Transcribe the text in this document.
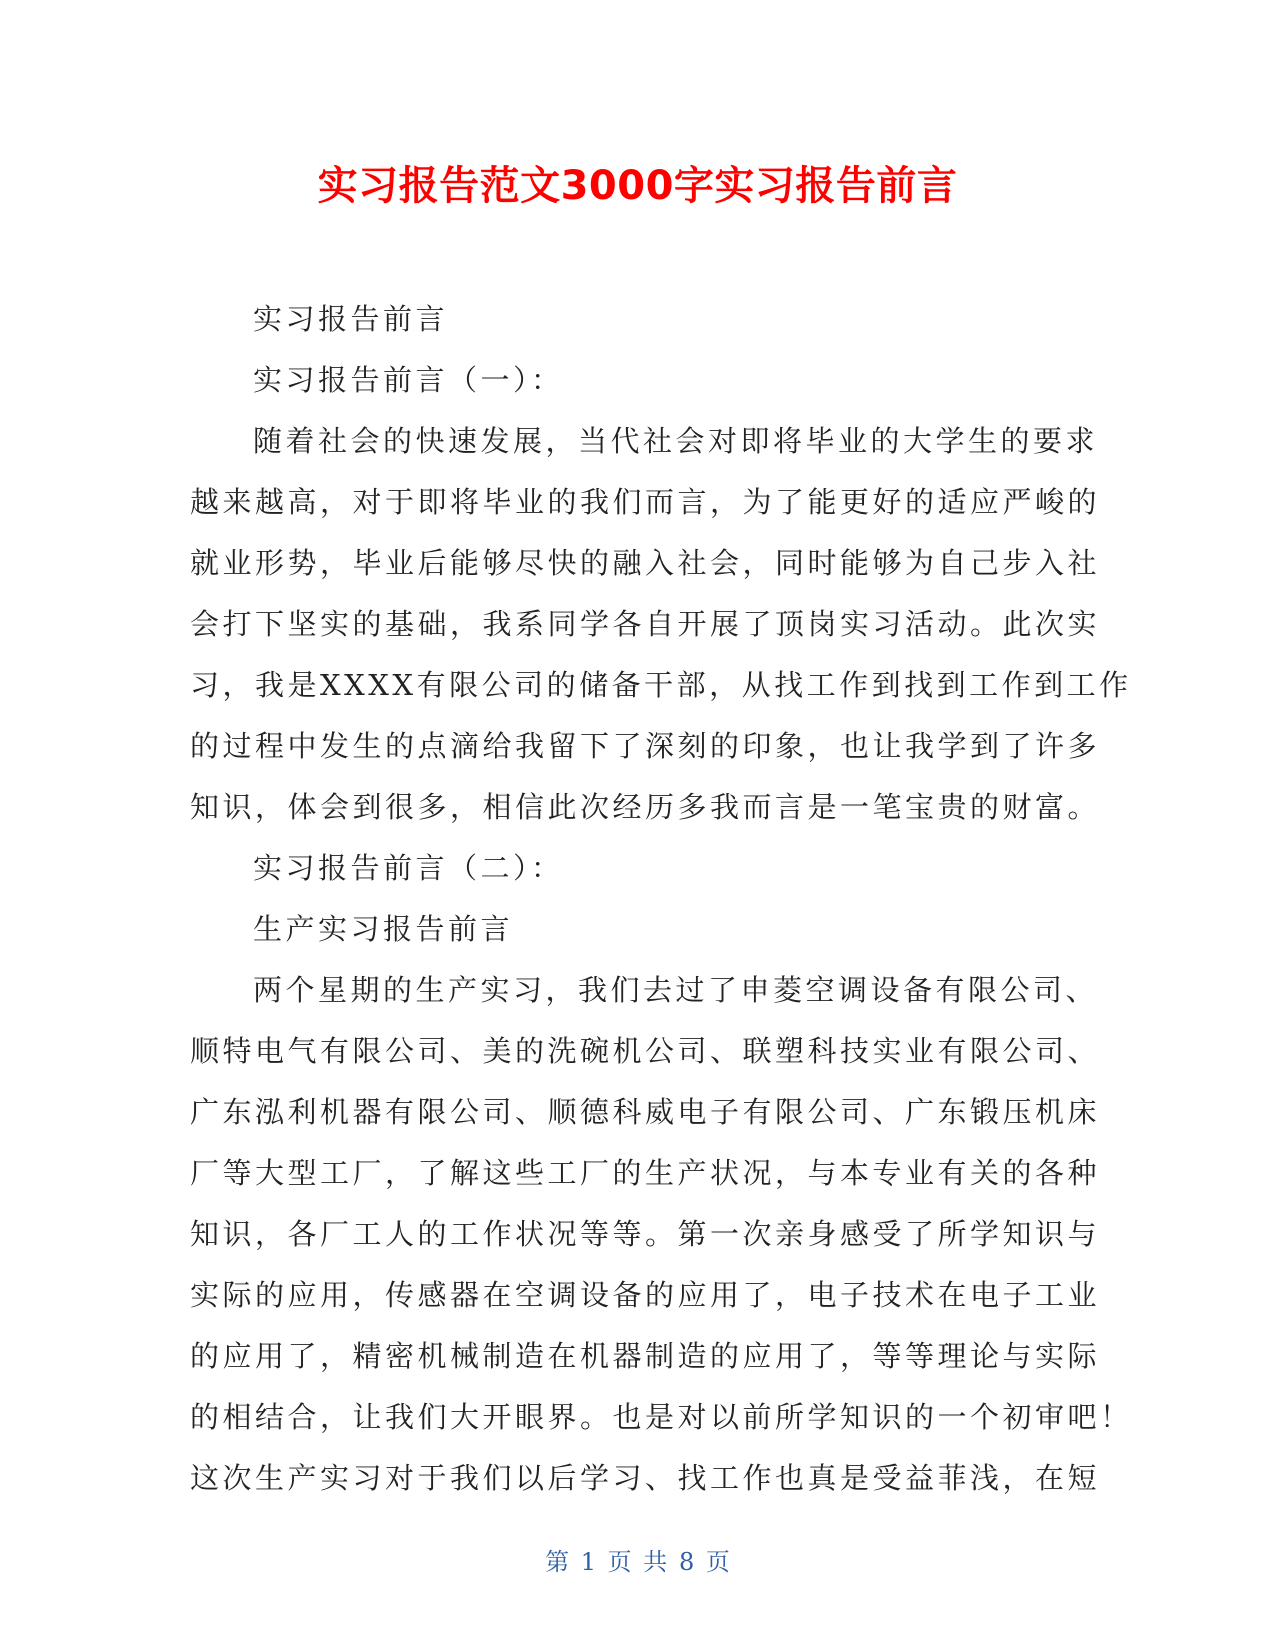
实习报告范文3000字实习报告前言

实习报告前言

实习报告前言（一）：

随着社会的快速发展，当代社会对即将毕业的大学生的要求

越来越高，对于即将毕业的我们而言，为了能更好的适应严峻的

就业形势，毕业后能够尽快的融入社会，同时能够为自己步入社

会打下坚实的基础，我系同学各自开展了顶岗实习活动。此次实

习，我是XXXX有限公司的储备干部，从找工作到找到工作到工作

的过程中发生的点滴给我留下了深刻的印象，也让我学到了许多

知识，体会到很多，相信此次经历多我而言是一笔宝贵的财富。

实习报告前言（二）：

生产实习报告前言

两个星期的生产实习，我们去过了申菱空调设备有限公司、

顺特电气有限公司、美的洗碗机公司、联塑科技实业有限公司、

广东泓利机器有限公司、顺德科威电子有限公司、广东锻压机床

厂等大型工厂，了解这些工厂的生产状况，与本专业有关的各种

知识，各厂工人的工作状况等等。第一次亲身感受了所学知识与

实际的应用，传感器在空调设备的应用了，电子技术在电子工业

的应用了，精密机械制造在机器制造的应用了，等等理论与实际

的相结合，让我们大开眼界。也是对以前所学知识的一个初审吧！

这次生产实习对于我们以后学习、找工作也真是受益菲浅，在短

第 1 页 共 8 页
